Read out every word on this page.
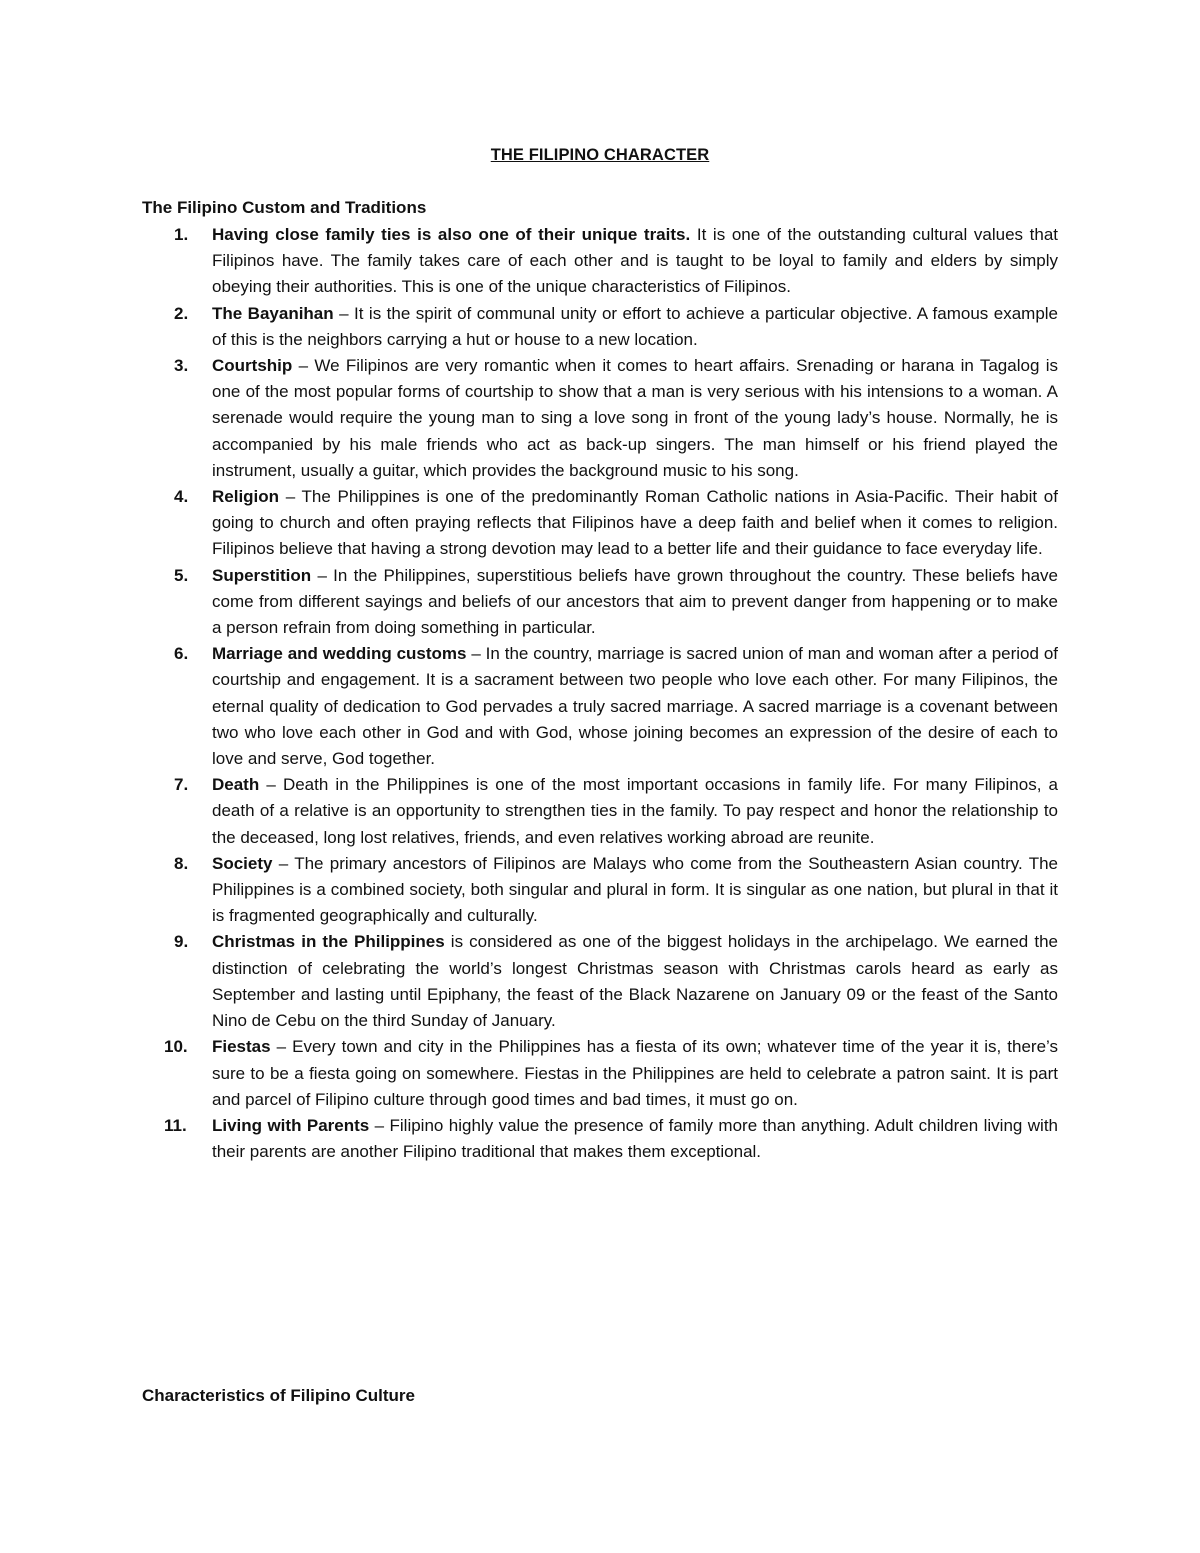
THE FILIPINO CHARACTER
The Filipino Custom and Traditions
1. Having close family ties is also one of their unique traits. It is one of the outstanding cultural values that Filipinos have. The family takes care of each other and is taught to be loyal to family and elders by simply obeying their authorities. This is one of the unique characteristics of Filipinos.
2. The Bayanihan – It is the spirit of communal unity or effort to achieve a particular objective. A famous example of this is the neighbors carrying a hut or house to a new location.
3. Courtship – We Filipinos are very romantic when it comes to heart affairs. Srenading or harana in Tagalog is one of the most popular forms of courtship to show that a man is very serious with his intensions to a woman. A serenade would require the young man to sing a love song in front of the young lady’s house. Normally, he is accompanied by his male friends who act as back-up singers. The man himself or his friend played the instrument, usually a guitar, which provides the background music to his song.
4. Religion – The Philippines is one of the predominantly Roman Catholic nations in Asia-Pacific. Their habit of going to church and often praying reflects that Filipinos have a deep faith and belief when it comes to religion. Filipinos believe that having a strong devotion may lead to a better life and their guidance to face everyday life.
5. Superstition – In the Philippines, superstitious beliefs have grown throughout the country. These beliefs have come from different sayings and beliefs of our ancestors that aim to prevent danger from happening or to make a person refrain from doing something in particular.
6. Marriage and wedding customs – In the country, marriage is sacred union of man and woman after a period of courtship and engagement. It is a sacrament between two people who love each other. For many Filipinos, the eternal quality of dedication to God pervades a truly sacred marriage. A sacred marriage is a covenant between two who love each other in God and with God, whose joining becomes an expression of the desire of each to love and serve, God together.
7. Death – Death in the Philippines is one of the most important occasions in family life. For many Filipinos, a death of a relative is an opportunity to strengthen ties in the family. To pay respect and honor the relationship to the deceased, long lost relatives, friends, and even relatives working abroad are reunite.
8. Society – The primary ancestors of Filipinos are Malays who come from the Southeastern Asian country. The Philippines is a combined society, both singular and plural in form. It is singular as one nation, but plural in that it is fragmented geographically and culturally.
9. Christmas in the Philippines is considered as one of the biggest holidays in the archipelago. We earned the distinction of celebrating the world’s longest Christmas season with Christmas carols heard as early as September and lasting until Epiphany, the feast of the Black Nazarene on January 09 or the feast of the Santo Nino de Cebu on the third Sunday of January.
10. Fiestas – Every town and city in the Philippines has a fiesta of its own; whatever time of the year it is, there’s sure to be a fiesta going on somewhere. Fiestas in the Philippines are held to celebrate a patron saint. It is part and parcel of Filipino culture through good times and bad times, it must go on.
11. Living with Parents – Filipino highly value the presence of family more than anything. Adult children living with their parents are another Filipino traditional that makes them exceptional.
Characteristics of Filipino Culture
